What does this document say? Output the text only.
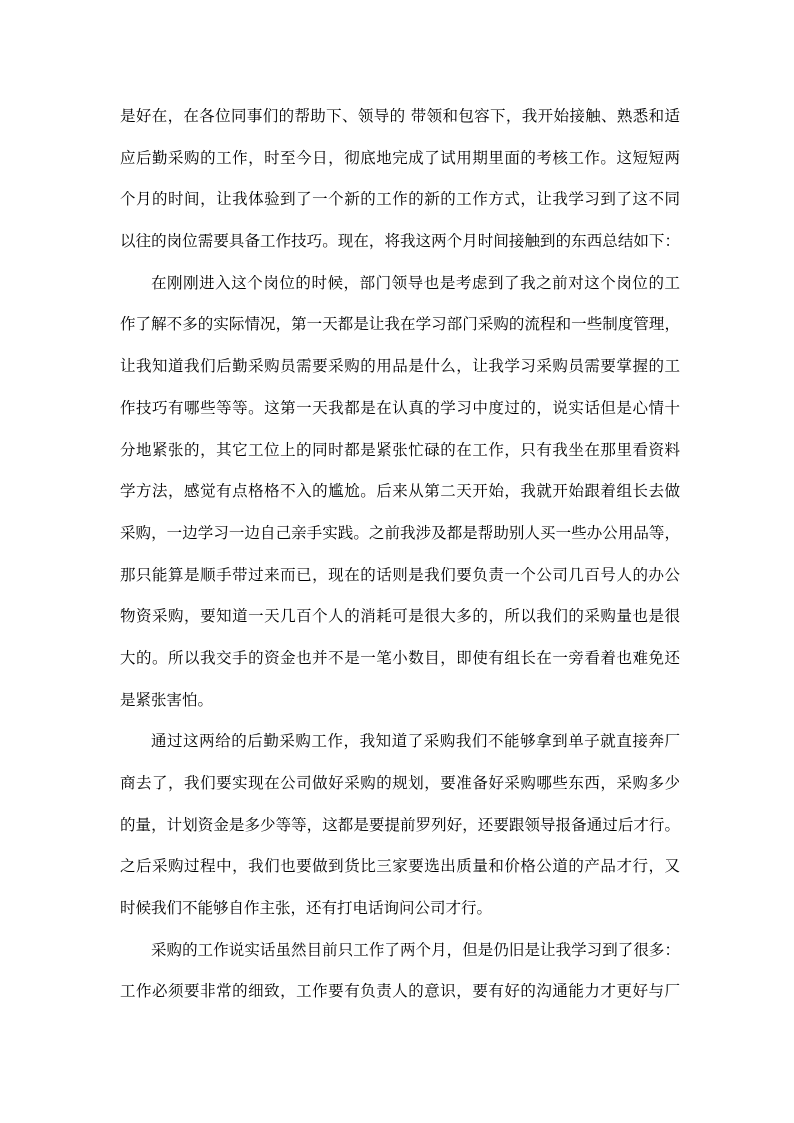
是好在，在各位同事们的帮助下、领导的 带领和包容下，我开始接触、熟悉和适
应后勤采购的工作，时至今日，彻底地完成了试用期里面的考核工作。这短短两
个月的时间，让我体验到了一个新的工作的新的工作方式，让我学习到了这不同
以往的岗位需要具备工作技巧。现在，将我这两个月时间接触到的东西总结如下：
在刚刚进入这个岗位的时候，部门领导也是考虑到了我之前对这个岗位的工
作了解不多的实际情况，第一天都是让我在学习部门采购的流程和一些制度管理，
让我知道我们后勤采购员需要采购的用品是什么，让我学习采购员需要掌握的工
作技巧有哪些等等。这第一天我都是在认真的学习中度过的，说实话但是心情十
分地紧张的，其它工位上的同时都是紧张忙碌的在工作，只有我坐在那里看资料
学方法，感觉有点格格不入的尴尬。后来从第二天开始，我就开始跟着组长去做
采购，一边学习一边自己亲手实践。之前我涉及都是帮助别人买一些办公用品等，
那只能算是顺手带过来而已，现在的话则是我们要负责一个公司几百号人的办公
物资采购，要知道一天几百个人的消耗可是很大多的，所以我们的采购量也是很
大的。所以我交手的资金也并不是一笔小数目，即使有组长在一旁看着也难免还
是紧张害怕。
通过这两给的后勤采购工作，我知道了采购我们不能够拿到单子就直接奔厂
商去了，我们要实现在公司做好采购的规划，要准备好采购哪些东西，采购多少
的量，计划资金是多少等等，这都是要提前罗列好，还要跟领导报备通过后才行。
之后采购过程中，我们也要做到货比三家要选出质量和价格公道的产品才行，又
时候我们不能够自作主张，还有打电话询问公司才行。
采购的工作说实话虽然目前只工作了两个月，但是仍旧是让我学习到了很多：
工作必须要非常的细致，工作要有负责人的意识，要有好的沟通能力才更好与厂
